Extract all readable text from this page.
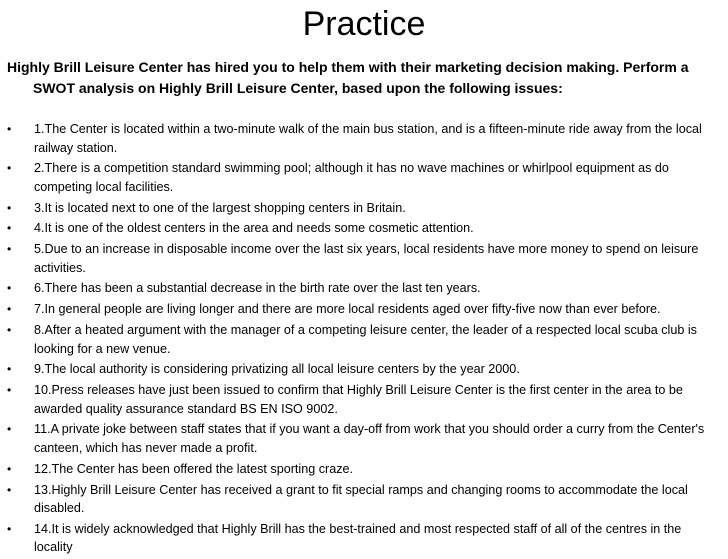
Practice
Highly Brill Leisure Center has hired you to help them with their marketing decision making. Perform a
SWOT analysis on Highly Brill Leisure Center, based upon the following issues:
• 1.The Center is located within a two-minute walk of the main bus station, and is a fifteen-minute ride away from the local railway station.
• 2.There is a competition standard swimming pool; although it has no wave machines or whirlpool equipment as do competing local facilities.
• 3.It is located next to one of the largest shopping centers in Britain.
• 4.It is one of the oldest centers in the area and needs some cosmetic attention.
• 5.Due to an increase in disposable income over the last six years, local residents have more money to spend on leisure activities.
• 6.There has been a substantial decrease in the birth rate over the last ten years.
• 7.In general people are living longer and there are more local residents aged over fifty-five now than ever before.
• 8.After a heated argument with the manager of a competing leisure center, the leader of a respected local scuba club is looking for a new venue.
• 9.The local authority is considering privatizing all local leisure centers by the year 2000.
• 10.Press releases have just been issued to confirm that Highly Brill Leisure Center is the first center in the area to be awarded quality assurance standard BS EN ISO 9002.
• 11.A private joke between staff states that if you want a day-off from work that you should order a curry from the Center's canteen, which has never made a profit.
• 12.The Center has been offered the latest sporting craze.
• 13.Highly Brill Leisure Center has received a grant to fit special ramps and changing rooms to accommodate the local disabled.
• 14.It is widely acknowledged that Highly Brill has the best-trained and most respected staff of all of the centres in the locality
